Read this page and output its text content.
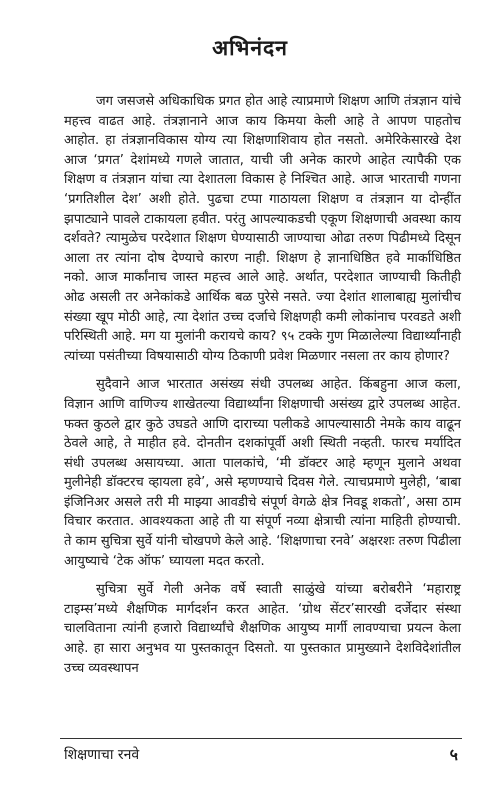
अभिनंदन

जग जसजसे अधिकाधिक प्रगत होत आहे त्याप्रमाणे शिक्षण आणि तंत्रज्ञान यांचे महत्त्व वाढत आहे. तंत्रज्ञानाने आज काय किमया केली आहे ते आपण पाहतोच आहोत. हा तंत्रज्ञानविकास योग्य त्या शिक्षणाशिवाय होत नसतो. अमेरिकेसारखे देश आज ‘प्रगत’ देशांमध्ये गणले जातात, याची जी अनेक कारणे आहेत त्यापैकी एक शिक्षण व तंत्रज्ञान यांचा त्या देशातला विकास हे निश्चित आहे. आज भारताची गणना ‘प्रगतिशील देश’ अशी होते. पुढचा टप्पा गाठायला शिक्षण व तंत्रज्ञान या दोन्हींत झपाट्याने पावले टाकायला हवीत. परंतु आपल्याकडची एकूण शिक्षणाची अवस्था काय दर्शवते? त्यामुळेच परदेशात शिक्षण घेण्यासाठी जाण्याचा ओढा तरुण पिढीमध्ये दिसून आला तर त्यांना दोष देण्याचे कारण नाही. शिक्षण हे ज्ञानाधिष्ठित हवे मार्काधिष्ठित नको. आज मार्कांनाच जास्त महत्त्व आले आहे. अर्थात, परदेशात जाण्याची कितीही ओढ असली तर अनेकांकडे आर्थिक बळ पुरेसे नसते. ज्या देशांत शालाबाह्य मुलांचीच संख्या खूप मोठी आहे, त्या देशांत उच्च दर्जाचे शिक्षणही कमी लोकांनाच परवडते अशी परिस्थिती आहे. मग या मुलांनी करायचे काय? ९५ टक्के गुण मिळालेल्या विद्यार्थ्यांनाही त्यांच्या पसंतीच्या विषयासाठी योग्य ठिकाणी प्रवेश मिळणार नसला तर काय होणार?

सुदैवाने आज भारतात असंख्य संधी उपलब्ध आहेत. किंबहुना आज कला, विज्ञान आणि वाणिज्य शाखेतल्या विद्यार्थ्यांना शिक्षणाची असंख्य द्वारे उपलब्ध आहेत. फक्त कुठले द्वार कुठे उघडते आणि दाराच्या पलीकडे आपल्यासाठी नेमके काय वाढून ठेवले आहे, ते माहीत हवे. दोनतीन दशकांपूर्वी अशी स्थिती नव्हती. फारच मर्यादित संधी उपलब्ध असायच्या. आता पालकांचे, ‘मी डॉक्टर आहे म्हणून मुलाने अथवा मुलीनेही डॉक्टरच व्हायला हवे’, असे म्हणण्याचे दिवस गेले. त्याचप्रमाणे मुलेही, ‘बाबा इंजिनिअर असले तरी मी माझ्या आवडीचे संपूर्ण वेगळे क्षेत्र निवडू शकतो’, असा ठाम विचार करतात. आवश्यकता आहे ती या संपूर्ण नव्या क्षेत्राची त्यांना माहिती होण्याची. ते काम सुचित्रा सुर्वे यांनी चोखपणे केले आहे. ‘शिक्षणाचा रनवे’ अक्षरशः तरुण पिढीला आयुष्याचे ‘टेक ऑफ’ घ्यायला मदत करतो.

सुचित्रा सुर्वे गेली अनेक वर्षे स्वाती साळुंखे यांच्या बरोबरीने ‘महाराष्ट्र टाइम्स’मध्ये शैक्षणिक मार्गदर्शन करत आहेत. ‘ग्रोथ सेंटर’सारखी दर्जेदार संस्था चालविताना त्यांनी हजारो विद्यार्थ्यांचे शैक्षणिक आयुष्य मार्गी लावण्याचा प्रयत्न केला आहे. हा सारा अनुभव या पुस्तकातून दिसतो. या पुस्तकात प्रामुख्याने देशविदेशांतील उच्च व्यवस्थापन

शिक्षणाचा रनवे	५
